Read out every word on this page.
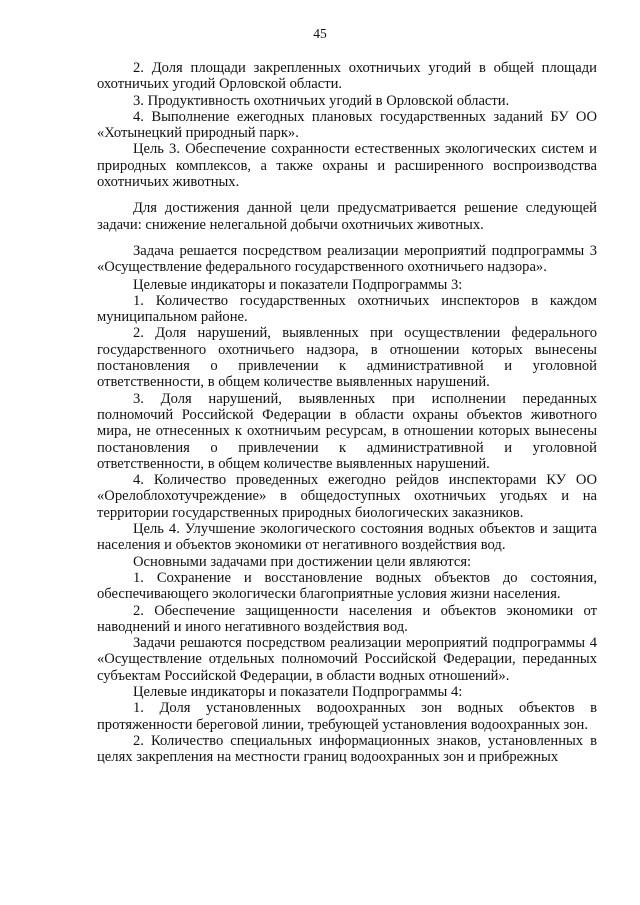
45

2. Доля площади закрепленных охотничьих угодий в общей площади охотничьих угодий Орловской области.

3. Продуктивность охотничьих угодий в Орловской области.

4. Выполнение ежегодных плановых государственных заданий БУ ОО «Хотынецкий природный парк».

Цель 3. Обеспечение сохранности естественных экологических систем и природных комплексов, а также охраны и расширенного воспроизводства охотничьих животных.

Для достижения данной цели предусматривается решение следующей задачи: снижение нелегальной добычи охотничьих животных.

Задача решается посредством реализации мероприятий подпрограммы 3 «Осуществление федерального государственного охотничьего надзора».

Целевые индикаторы и показатели Подпрограммы 3:

1. Количество государственных охотничьих инспекторов в каждом муниципальном районе.

2. Доля нарушений, выявленных при осуществлении федерального государственного охотничьего надзора, в отношении которых вынесены постановления о привлечении к административной и уголовной ответственности, в общем количестве выявленных нарушений.

3. Доля нарушений, выявленных при исполнении переданных полномочий Российской Федерации в области охраны объектов животного мира, не отнесенных к охотничьим ресурсам, в отношении которых вынесены постановления о привлечении к административной и уголовной ответственности, в общем количестве выявленных нарушений.

4. Количество проведенных ежегодно рейдов инспекторами КУ ОО «Орелоблохотучреждение» в общедоступных охотничьих угодьях и на территории государственных природных биологических заказников.

Цель 4. Улучшение экологического состояния водных объектов и защита населения и объектов экономики от негативного воздействия вод.

Основными задачами при достижении цели являются:

1. Сохранение и восстановление водных объектов до состояния, обеспечивающего экологически благоприятные условия жизни населения.

2. Обеспечение защищенности населения и объектов экономики от наводнений и иного негативного воздействия вод.

Задачи решаются посредством реализации мероприятий подпрограммы 4 «Осуществление отдельных полномочий Российской Федерации, переданных субъектам Российской Федерации, в области водных отношений».

Целевые индикаторы и показатели Подпрограммы 4:

1. Доля установленных водоохранных зон водных объектов в протяженности береговой линии, требующей установления водоохранных зон.

2. Количество специальных информационных знаков, установленных в целях закрепления на местности границ водоохранных зон и прибрежных
